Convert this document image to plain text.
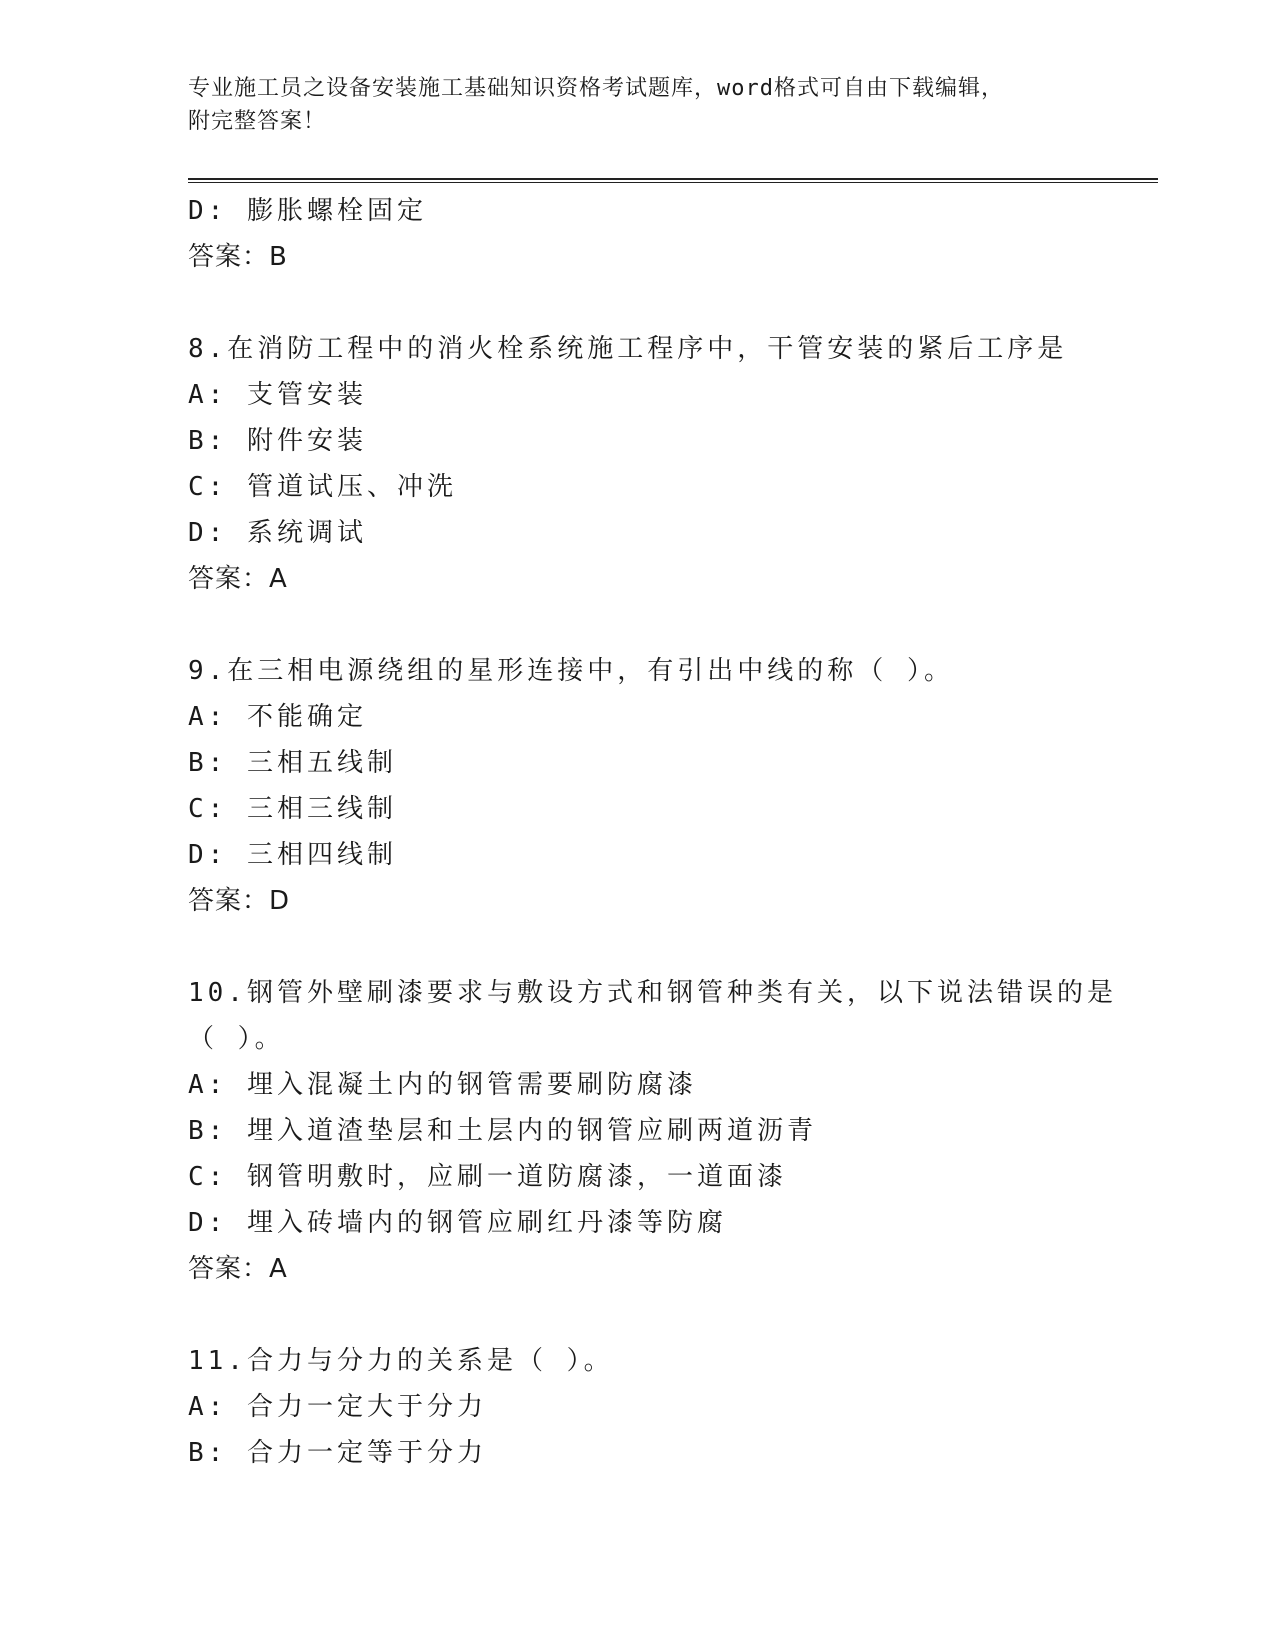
专业施工员之设备安装施工基础知识资格考试题库，word格式可自由下载编辑，
附完整答案！
D: 膨胀螺栓固定
答案：B
8.在消防工程中的消火栓系统施工程序中，干管安装的紧后工序是
A: 支管安装
B: 附件安装
C: 管道试压、冲洗
D: 系统调试
答案：A
9.在三相电源绕组的星形连接中，有引出中线的称（ ）。
A: 不能确定
B: 三相五线制
C: 三相三线制
D: 三相四线制
答案：D
10.钢管外壁刷漆要求与敷设方式和钢管种类有关，以下说法错误的是
（ ）。
A: 埋入混凝土内的钢管需要刷防腐漆
B: 埋入道渣垫层和土层内的钢管应刷两道沥青
C: 钢管明敷时，应刷一道防腐漆，一道面漆
D: 埋入砖墙内的钢管应刷红丹漆等防腐
答案：A
11.合力与分力的关系是（ ）。
A: 合力一定大于分力
B: 合力一定等于分力
